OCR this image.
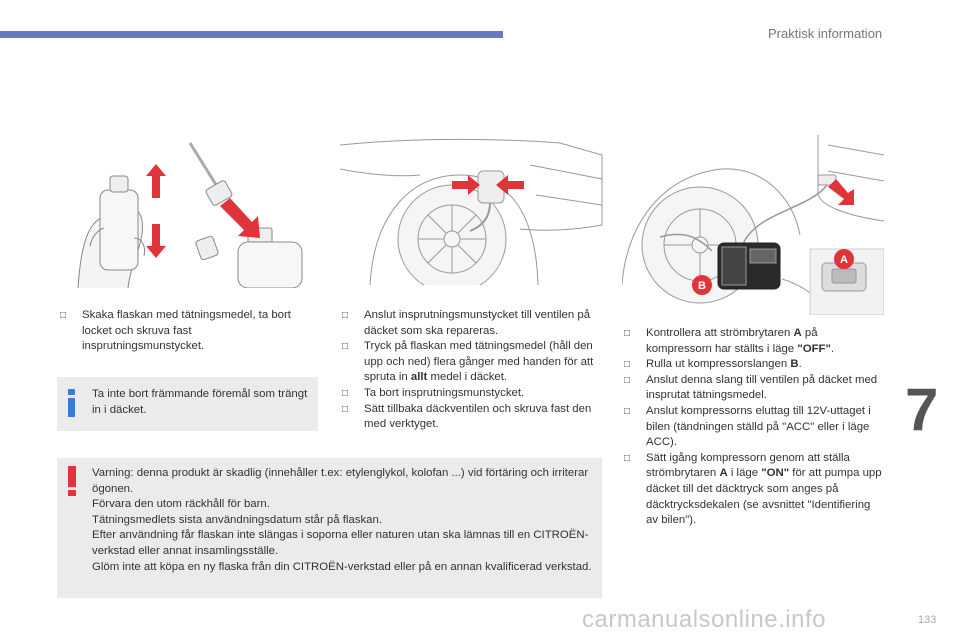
Praktisk information
7
B
A
□ Skaka flaskan med tätningsmedel, ta bort locket och skruva fast insprutningsmunstycket.
Ta inte bort främmande föremål som trängt in i däcket.
□ Anslut insprutningsmunstycket till ventilen på däcket som ska repareras.
□ Tryck på flaskan med tätningsmedel (håll den upp och ned) flera gånger med handen för att spruta in allt medel i däcket.
□ Ta bort insprutningsmunstycket.
□ Sätt tillbaka däckventilen och skruva fast den med verktyget.
□ Kontrollera att strömbrytaren A på kompressorn har ställts i läge "OFF".
□ Rulla ut kompressorslangen B.
□ Anslut denna slang till ventilen på däcket med insprutat tätningsmedel.
□ Anslut kompressorns eluttag till 12V-uttaget i bilen (tändningen ställd på "ACC" eller i läge ACC).
□ Sätt igång kompressorn genom att ställa strömbrytaren A i läge "ON" för att pumpa upp däcket till det däcktryck som anges på däcktrycksdekalen (se avsnittet "Identifiering av bilen").
Varning: denna produkt är skadlig (innehåller t.ex: etylenglykol, kolofan ...) vid förtäring och irriterar ögonen.
Förvara den utom räckhåll för barn.
Tätningsmedlets sista användningsdatum står på flaskan.
Efter användning får flaskan inte slängas i soporna eller naturen utan ska lämnas till en CITROËN-verkstad eller annat insamlingsställe.
Glöm inte att köpa en ny flaska från din CITROËN-verkstad eller på en annan kvalificerad verkstad.
carmanualsonline.info	133
